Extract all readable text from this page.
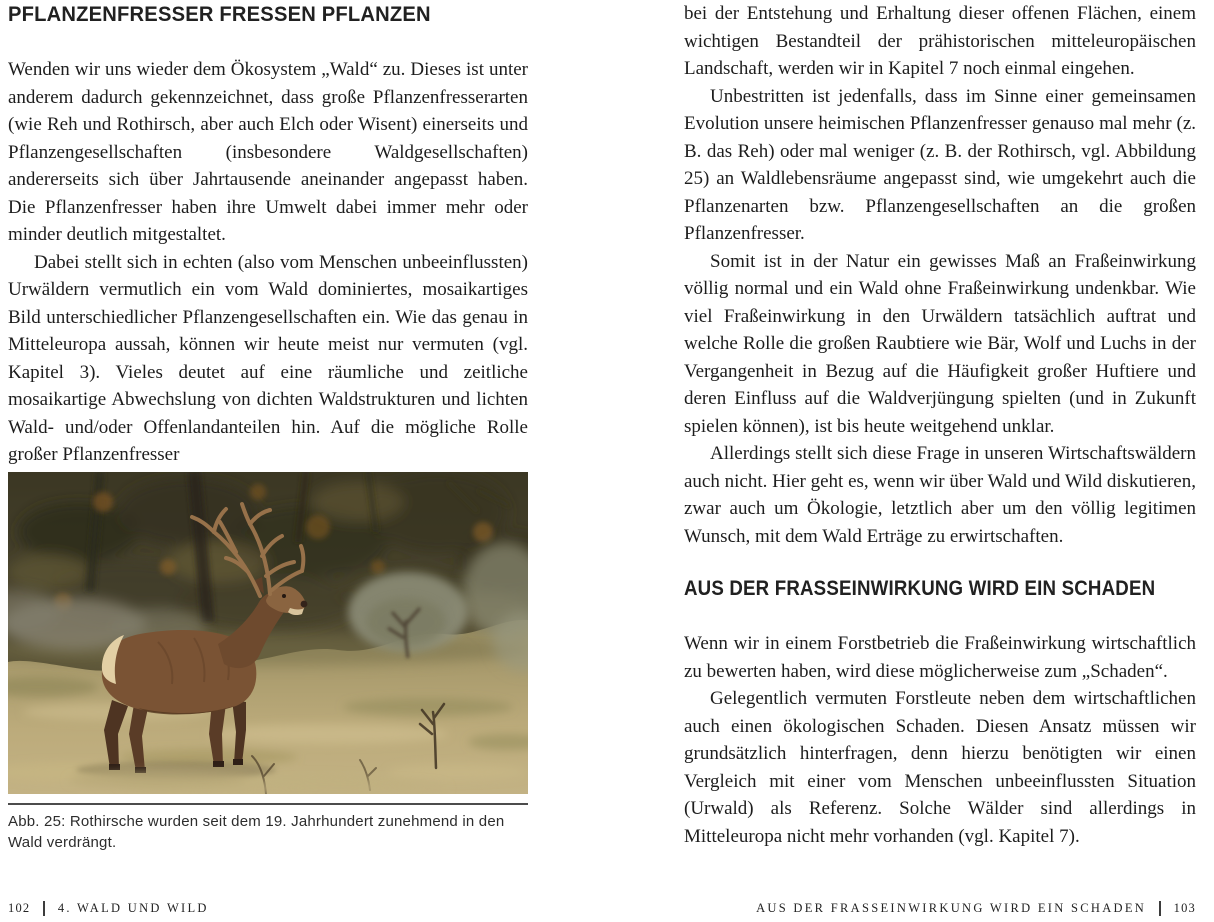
PFLANZENFRESSER FRESSEN PFLANZEN

Wenden wir uns wieder dem Ökosystem „Wald“ zu. Dieses ist unter anderem dadurch gekennzeichnet, dass große Pflanzenfresserarten (wie Reh und Rothirsch, aber auch Elch oder Wisent) einerseits und Pflanzengesellschaften (insbesondere Waldgesellschaften) andererseits sich über Jahrtausende aneinander angepasst haben. Die Pflanzenfresser haben ihre Umwelt dabei immer mehr oder minder deutlich mitgestaltet.

Dabei stellt sich in echten (also vom Menschen unbeeinflussten) Urwäldern vermutlich ein vom Wald dominiertes, mosaikartiges Bild unterschiedlicher Pflanzengesellschaften ein. Wie das genau in Mitteleuropa aussah, können wir heute meist nur vermuten (vgl. Kapitel 3). Vieles deutet auf eine räumliche und zeitliche mosaikartige Abwechslung von dichten Waldstrukturen und lichten Wald- und/oder Offenlandanteilen hin. Auf die mögliche Rolle großer Pflanzenfresser

Abb. 25: Rothirsche wurden seit dem 19. Jahrhundert zunehmend in den Wald verdrängt.
102 4. WALD UND WILD

bei der Entstehung und Erhaltung dieser offenen Flächen, einem wichtigen Bestandteil der prähistorischen mitteleuropäischen Landschaft, werden wir in Kapitel 7 noch einmal eingehen.

Unbestritten ist jedenfalls, dass im Sinne einer gemeinsamen Evolution unsere heimischen Pflanzenfresser genauso mal mehr (z. B. das Reh) oder mal weniger (z. B. der Rothirsch, vgl. Abbildung 25) an Waldlebensräume angepasst sind, wie umgekehrt auch die Pflanzenarten bzw. Pflanzengesellschaften an die großen Pflanzenfresser.

Somit ist in der Natur ein gewisses Maß an Fraßeinwirkung völlig normal und ein Wald ohne Fraßeinwirkung undenkbar. Wie viel Fraßeinwirkung in den Urwäldern tatsächlich auftrat und welche Rolle die großen Raubtiere wie Bär, Wolf und Luchs in der Vergangenheit in Bezug auf die Häufigkeit großer Huftiere und deren Einfluss auf die Waldverjüngung spielten (und in Zukunft spielen können), ist bis heute weitgehend unklar.

Allerdings stellt sich diese Frage in unseren Wirtschaftswäldern auch nicht. Hier geht es, wenn wir über Wald und Wild diskutieren, zwar auch um Ökologie, letztlich aber um den völlig legitimen Wunsch, mit dem Wald Erträge zu erwirtschaften.

AUS DER FRASSEINWIRKUNG WIRD EIN SCHADEN

Wenn wir in einem Forstbetrieb die Fraßeinwirkung wirtschaftlich zu bewerten haben, wird diese möglicherweise zum „Schaden“.

Gelegentlich vermuten Forstleute neben dem wirtschaftlichen auch einen ökologischen Schaden. Diesen Ansatz müssen wir grundsätzlich hinterfragen, denn hierzu benötigten wir einen Vergleich mit einer vom Menschen unbeeinflussten Situation (Urwald) als Referenz. Solche Wälder sind allerdings in Mitteleuropa nicht mehr vorhanden (vgl. Kapitel 7).

AUS DER FRASSEINWIRKUNG WIRD EIN SCHADEN 103
